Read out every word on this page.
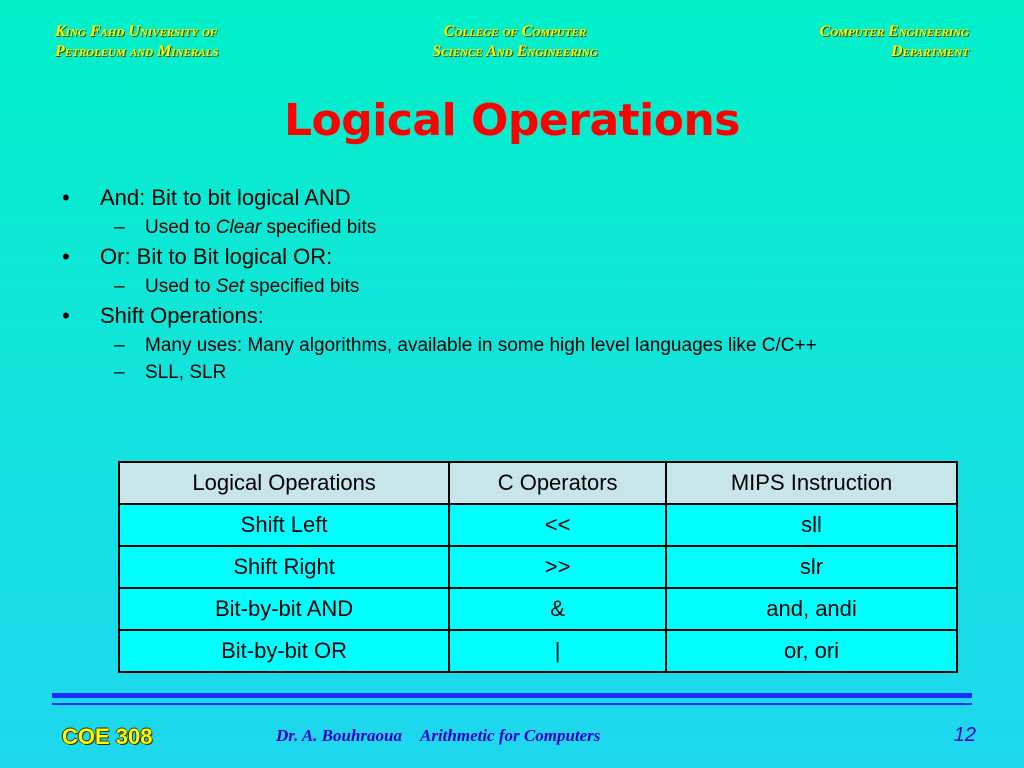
King Fahd University of
Petroleum and Minerals
College of Computer
Science And Engineering
Computer Engineering
Department
Logical Operations
• And: Bit to bit logical AND
– Used to Clear specified bits
• Or: Bit to Bit logical OR:
– Used to Set specified bits
• Shift Operations:
– Many uses: Many algorithms, available in some high level languages like C/C++
– SLL, SLR
Logical Operations	C Operators	MIPS Instruction
Shift Left	<<	sll
Shift Right	>>	slr
Bit-by-bit AND	&	and, andi
Bit-by-bit OR	|	or, ori
COE 308	Dr. A. Bouhraoua Arithmetic for Computers	12
